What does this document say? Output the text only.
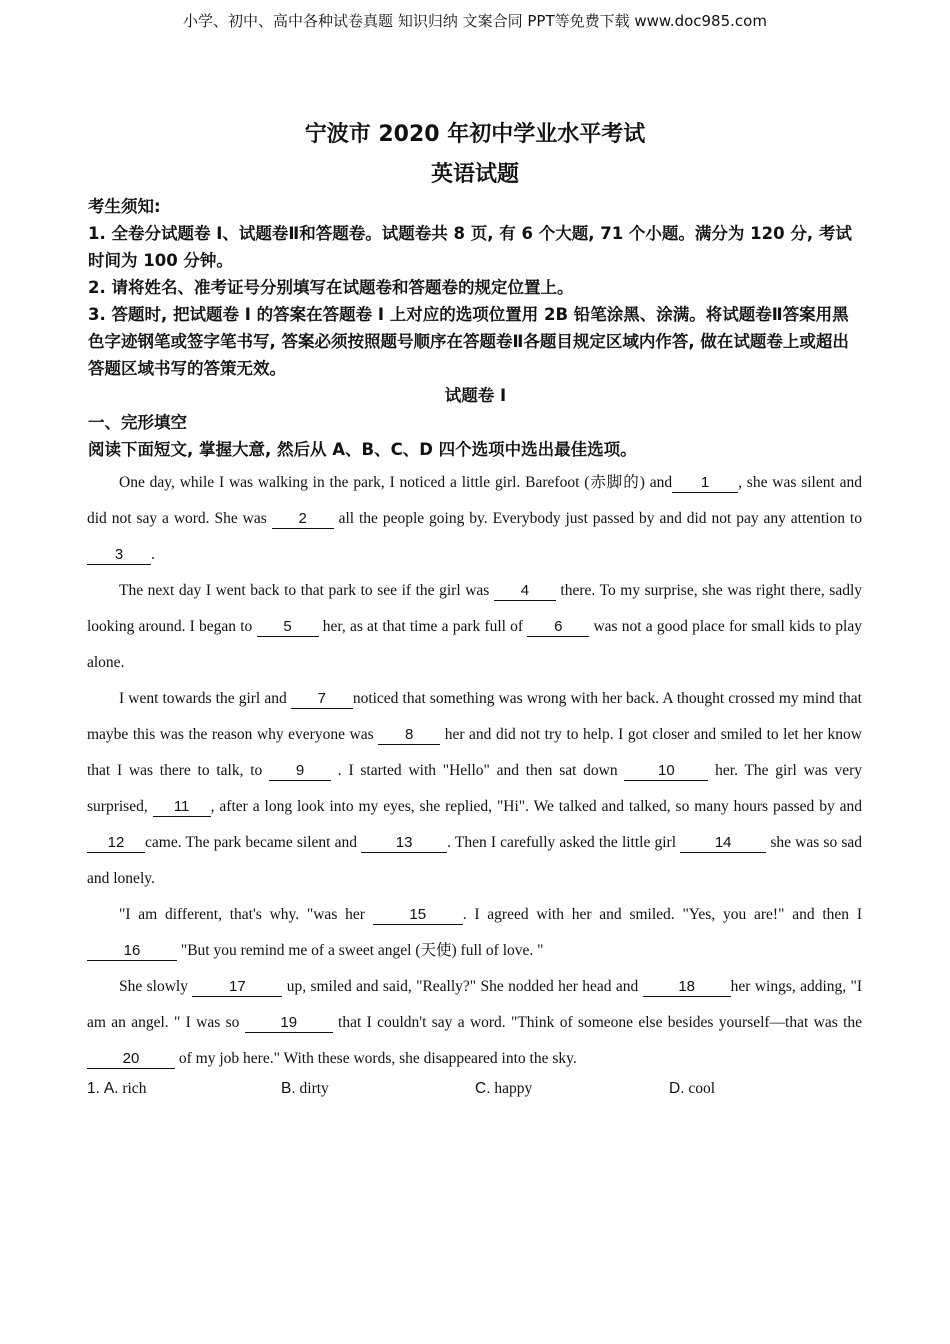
小学、初中、高中各种试卷真题 知识归纳 文案合同 PPT等免费下载 www.doc985.com
宁波市 2020 年初中学业水平考试
英语试题

考生须知:

1. 全卷分试题卷 I、试题卷Ⅱ和答题卷。试题卷共 8 页, 有 6 个大题, 71 个小题。满分为 120 分, 考试时间为 100 分钟。

2. 请将姓名、准考证号分别填写在试题卷和答题卷的规定位置上。

3. 答题时, 把试题卷 I 的答案在答题卷 I 上对应的选项位置用 2B 铅笔涂黑、涂满。将试题卷Ⅱ答案用黑色字迹钢笔或签字笔书写, 答案必须按照题号顺序在答题卷Ⅱ各题目规定区域内作答, 做在试题卷上或超出答题区域书写的答策无效。

试题卷 I

一、完形填空

阅读下面短文, 掌握大意, 然后从 A、B、C、D 四个选项中选出最佳选项。

One day, while I was walking in the park, I noticed a little girl. Barefoot (赤脚的) and 1 , she was silent and did not say a word. She was 2 all the people going by. Everybody just passed by and did not pay any attention to3 .

The next day I went back to that park to see if the girl was 4 there. To my surprise, she was right there, sadly looking around. I began to 5 her, as at that time a park full of 6 was not a good place for small kids to play alone.

I went towards the girl and 7 noticed that something was wrong with her back. A thought crossed my mind that maybe this was the reason why everyone was 8 her and did not try to help. I got closer and smiled to let her know that I was there to talk, to 9 . I started with "Hello" and then sat down 10 her. The girl was very surprised, 11 , after a long look into my eyes, she replied, "Hi". We talked and talked, so many hours passed by and 12 came. The park became silent and 13 . Then I carefully asked the little girl 14 she was so sad and lonely.

"I am different, that's why. "was her 15 . I agreed with her and smiled. "Yes, you are!" and then I 16 "But you remind me of a sweet angel (天使) full of love. "

She slowly 17 up, smiled and said, "Really?" She nodded her head and 18 her wings, adding, "I am an angel. " I was so 19 that I couldn't say a word. "Think of someone else besides yourself—that was the 20 of my job here." With these words, she disappeared into the sky.

1. A. rich	B. dirty	C. happy	D. cool
